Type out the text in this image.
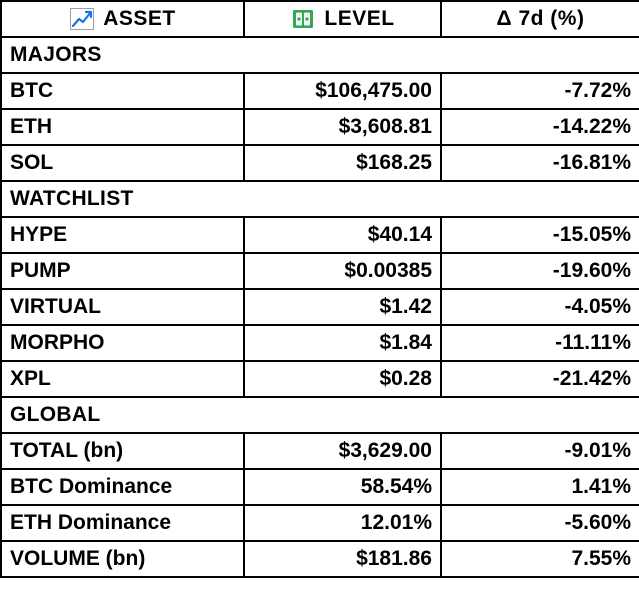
ASSET	LEVEL	Δ 7d (%)

MAJORS		
BTC	$106,475.00	-7.72%
ETH	$3,608.81	-14.22%
SOL	$168.25	-16.81%
WATCHLIST		
HYPE	$40.14	-15.05%
PUMP	$0.00385	-19.60%
VIRTUAL	$1.42	-4.05%
MORPHO	$1.84	-11.11%
XPL	$0.28	-21.42%
GLOBAL		
TOTAL (bn)	$3,629.00	-9.01%
BTC Dominance	58.54%	1.41%
ETH Dominance	12.01%	-5.60%
VOLUME (bn)	$181.86	7.55%
